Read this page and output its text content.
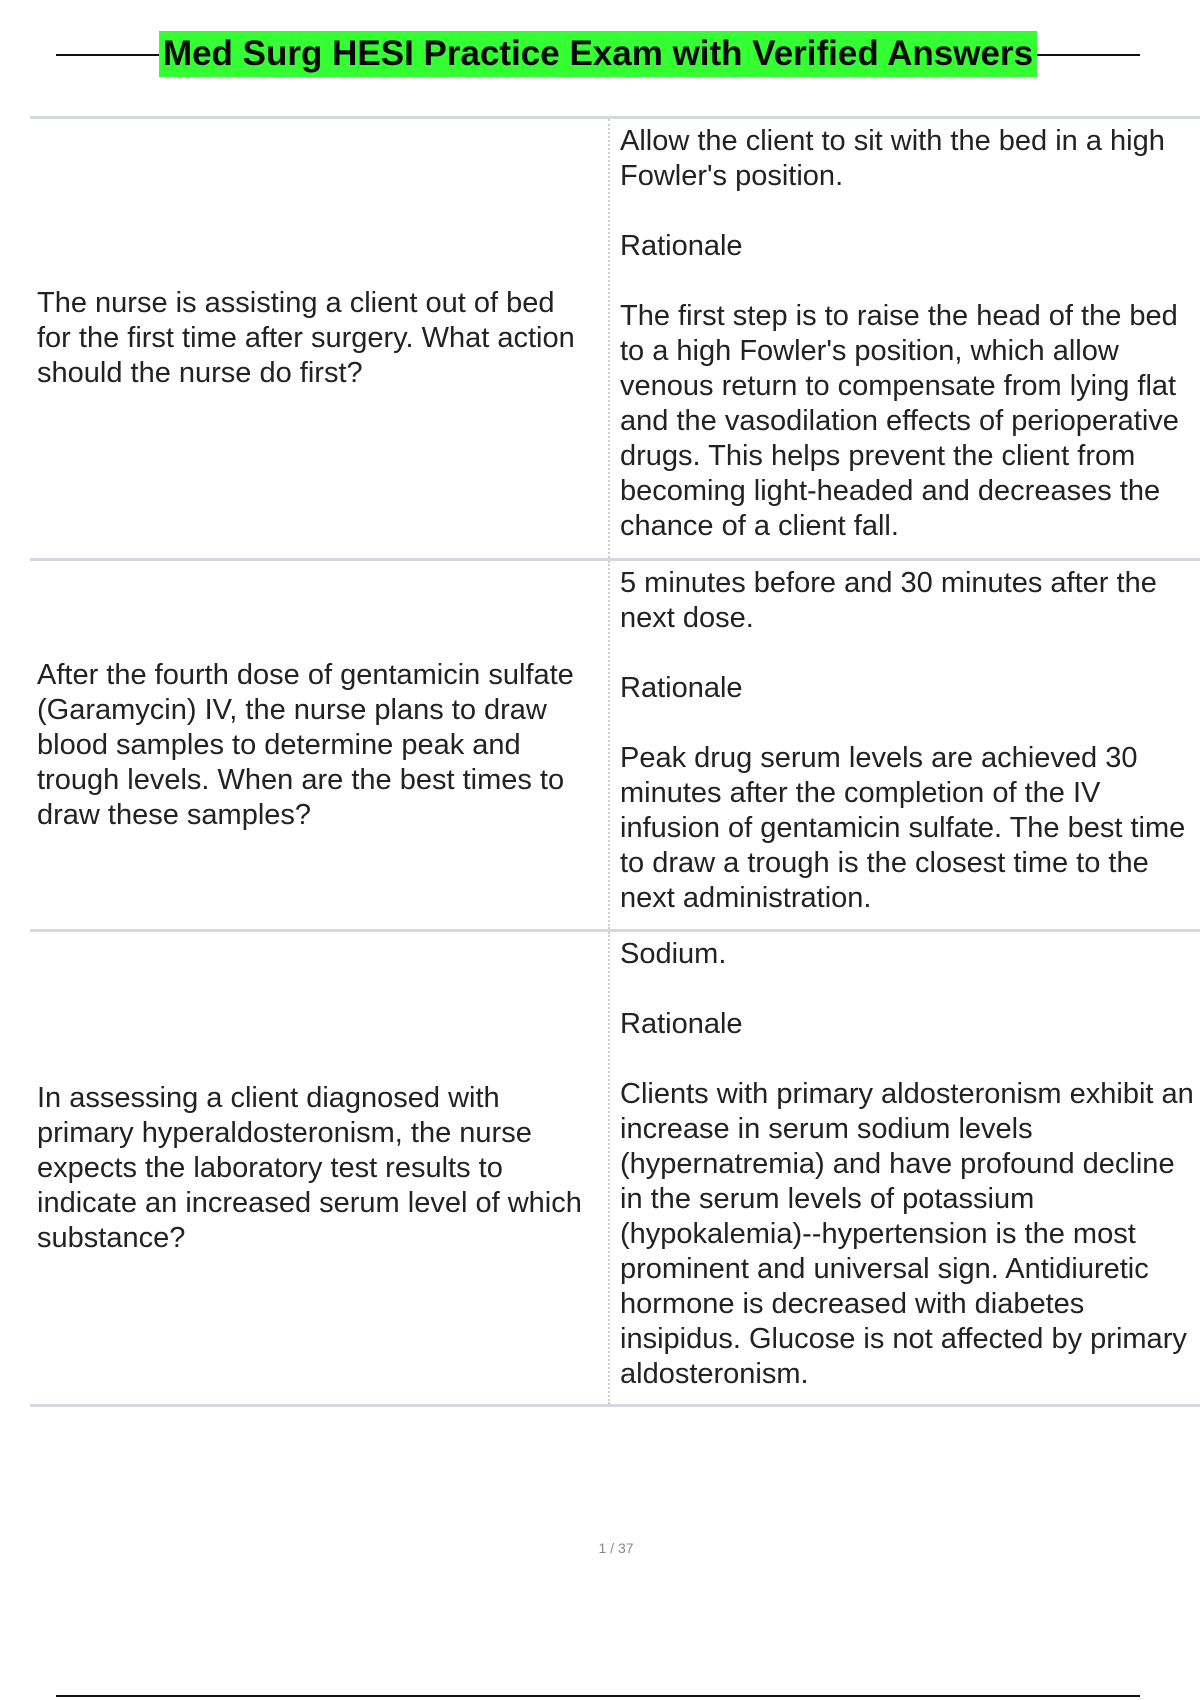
Med Surg HESI Practice Exam with Verified Answers
The nurse is assisting a client out of bed for the first time after surgery. What action should the nurse do first?

Allow the client to sit with the bed in a high Fowler's position.

Rationale

The first step is to raise the head of the bed to a high Fowler's position, which allow venous return to compensate from lying flat and the vasodilation effects of perioperative drugs. This helps prevent the client from becoming light-headed and decreases the chance of a client fall.

After the fourth dose of gentamicin sulfate (Garamycin) IV, the nurse plans to draw blood samples to determine peak and trough levels. When are the best times to draw these samples?

5 minutes before and 30 minutes after the next dose.

Rationale

Peak drug serum levels are achieved 30 minutes after the completion of the IV infusion of gentamicin sulfate. The best time to draw a trough is the closest time to the next administration.

In assessing a client diagnosed with primary hyperaldosteronism, the nurse expects the laboratory test results to indicate an increased serum level of which substance?

Sodium.

Rationale

Clients with primary aldosteronism exhibit an increase in serum sodium levels (hypernatremia) and have profound decline in the serum levels of potassium (hypokalemia)--hypertension is the most prominent and universal sign. Antidiuretic hormone is decreased with diabetes insipidus. Glucose is not affected by primary aldosteronism.

1 / 37
